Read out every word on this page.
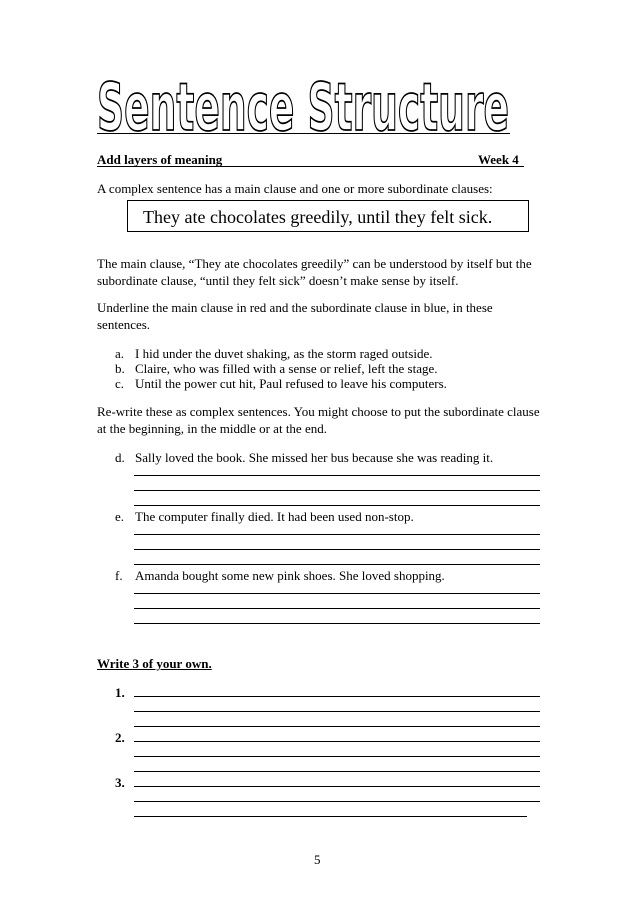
Sentence Structure
Add layers of meaning	Week 4
A complex sentence has a main clause and one or more subordinate clauses:
They ate chocolates greedily, until they felt sick.
The main clause, “They ate chocolates greedily” can be understood by itself but the
subordinate clause, “until they felt sick” doesn’t make sense by itself.
Underline the main clause in red and the subordinate clause in blue, in these
sentences.
a. I hid under the duvet shaking, as the storm raged outside.
b. Claire, who was filled with a sense or relief, left the stage.
c. Until the power cut hit, Paul refused to leave his computers.
Re-write these as complex sentences. You might choose to put the subordinate clause
at the beginning, in the middle or at the end.
d. Sally loved the book. She missed her bus because she was reading it.
e. The computer finally died. It had been used non-stop.
f. Amanda bought some new pink shoes. She loved shopping.
Write 3 of your own.
1.
2.
3.
5
